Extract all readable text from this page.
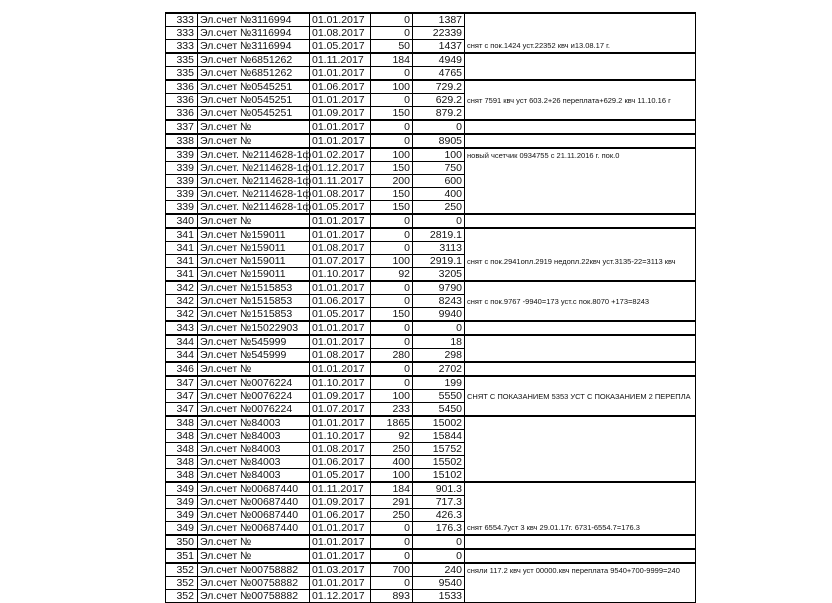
333	Эл.счет №3116994	01.01.2017	0	1387	
333	Эл.счет №3116994	01.08.2017	0	22339	
333	Эл.счет №3116994	01.05.2017	50	1437	снят с пок.1424 уст.22352 квч и13.08.17 г.
335	Эл.счет №6851262	01.11.2017	184	4949	
335	Эл.счет №6851262	01.01.2017	0	4765	
336	Эл.счет №0545251	01.06.2017	100	729.2	
336	Эл.счет №0545251	01.01.2017	0	629.2	снят 7591 квч уст 603.2+26 переплата+629.2 квч 11.10.16 г
336	Эл.счет №0545251	01.09.2017	150	879.2	
337	Эл.счет №	01.01.2017	0	0	
338	Эл.счет №	01.01.2017	0	8905	
339	Эл.счет. №2114628-1ф	01.02.2017	100	100	новый чсетчик 0934755 с 21.11.2016 г. пок.0
339	Эл.счет. №2114628-1ф	01.12.2017	150	750	
339	Эл.счет. №2114628-1ф	01.11.2017	200	600	
339	Эл.счет. №2114628-1ф	01.08.2017	150	400	
339	Эл.счет. №2114628-1ф	01.05.2017	150	250	
340	Эл.счет №	01.01.2017	0	0	
341	Эл.счет №159011	01.01.2017	0	2819.1	
341	Эл.счет №159011	01.08.2017	0	3113	
341	Эл.счет №159011	01.07.2017	100	2919.1	снят с пок.2941опл.2919 недопл.22квч уст.3135-22=3113 квч
341	Эл.счет №159011	01.10.2017	92	3205	
342	Эл.счет №1515853	01.01.2017	0	9790	
342	Эл.счет №1515853	01.06.2017	0	8243	снят с пок.9767 -9940=173 уст.с пок.8070 +173=8243
342	Эл.счет №1515853	01.05.2017	150	9940	
343	Эл.счет №15022903	01.01.2017	0	0	
344	Эл.счет №545999	01.01.2017	0	18	
344	Эл.счет №545999	01.08.2017	280	298	
346	Эл.счет №	01.01.2017	0	2702	
347	Эл.счет №0076224	01.10.2017	0	199	
347	Эл.счет №0076224	01.09.2017	100	5550	СНЯТ С ПОКАЗАНИЕМ 5353 УСТ С ПОКАЗАНИЕМ 2 ПЕРЕПЛА
347	Эл.счет №0076224	01.07.2017	233	5450	
348	Эл.счет №84003	01.01.2017	1865	15002	
348	Эл.счет №84003	01.10.2017	92	15844	
348	Эл.счет №84003	01.08.2017	250	15752	
348	Эл.счет №84003	01.06.2017	400	15502	
348	Эл.счет №84003	01.05.2017	100	15102	
349	Эл.счет №00687440	01.11.2017	184	901.3	
349	Эл.счет №00687440	01.09.2017	291	717.3	
349	Эл.счет №00687440	01.06.2017	250	426.3	
349	Эл.счет №00687440	01.01.2017	0	176.3	снят 6554.7уст 3 квч 29.01.17г. 6731-6554.7=176.3
350	Эл.счет №	01.01.2017	0	0	
351	Эл.счет №	01.01.2017	0	0	
352	Эл.счет №00758882	01.03.2017	700	240	сняли 117.2 квч уст 00000.квч переплата 9540+700-9999=240
352	Эл.счет №00758882	01.01.2017	0	9540	
352	Эл.счет №00758882	01.12.2017	893	1533	
